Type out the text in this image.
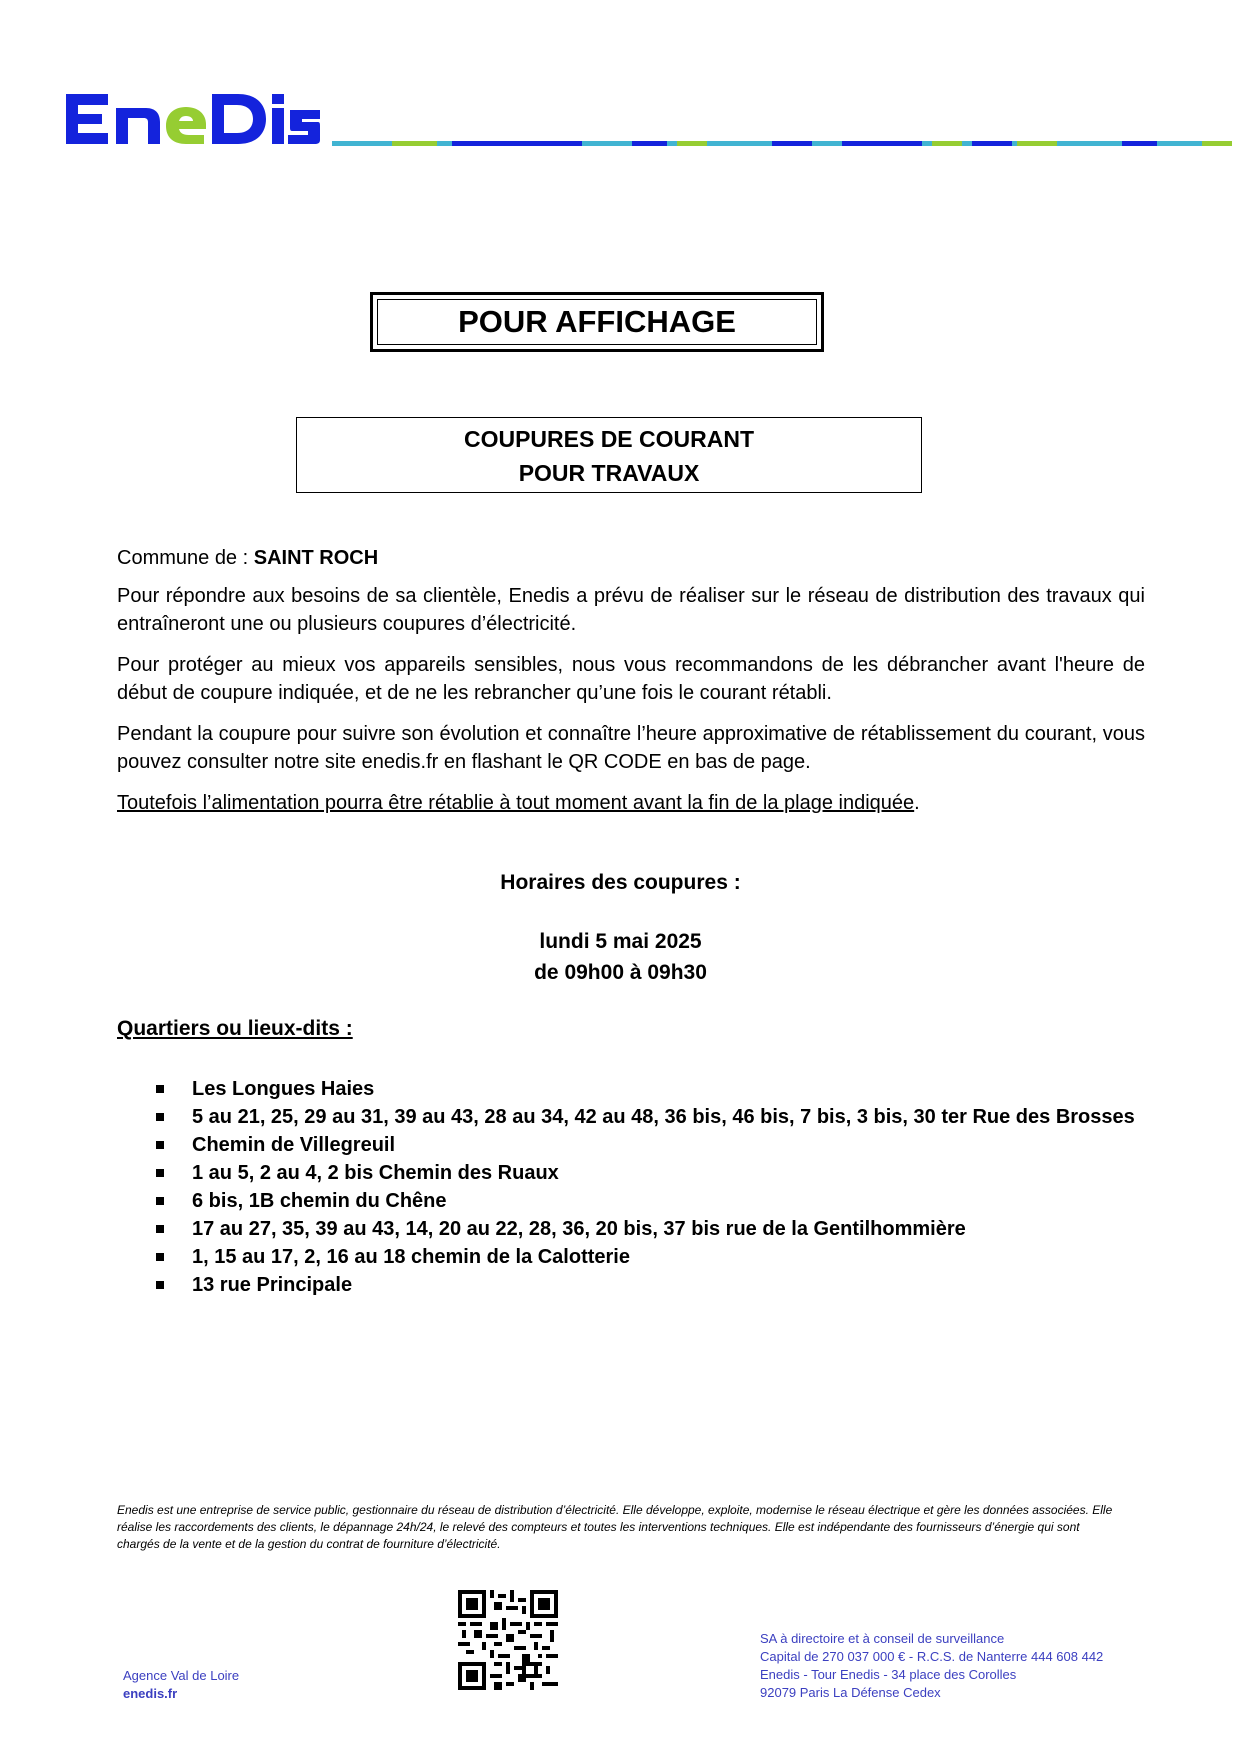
POUR AFFICHAGE
COUPURES DE COURANT
POUR TRAVAUX
Commune de : SAINT ROCH
Pour répondre aux besoins de sa clientèle, Enedis a prévu de réaliser sur le réseau de distribution des travaux qui entraîneront une ou plusieurs coupures d’électricité.
Pour protéger au mieux vos appareils sensibles, nous vous recommandons de les débrancher avant l'heure de début de coupure indiquée, et de ne les rebrancher qu’une fois le courant rétabli.
Pendant la coupure pour suivre son évolution et connaître l’heure approximative de rétablissement du courant, vous pouvez consulter notre site enedis.fr en flashant le QR CODE en bas de page.
Toutefois l’alimentation pourra être rétablie à tout moment avant la fin de la plage indiquée.
Horaires des coupures :
lundi 5 mai 2025
de 09h00 à 09h30
Quartiers ou lieux-dits :
Les Longues Haies
5 au 21, 25, 29 au 31, 39 au 43, 28 au 34, 42 au 48, 36 bis, 46 bis, 7 bis, 3 bis, 30 ter Rue des Brosses
Chemin de Villegreuil
1 au 5, 2 au 4, 2 bis Chemin des Ruaux
6 bis, 1B chemin du Chêne
17 au 27, 35, 39 au 43, 14, 20 au 22, 28, 36, 20 bis, 37 bis rue de la Gentilhommière
1, 15 au 17, 2, 16 au 18 chemin de la Calotterie
13 rue Principale
Enedis est une entreprise de service public, gestionnaire du réseau de distribution d’électricité. Elle développe, exploite, modernise le réseau électrique et gère les données associées. Elle réalise les raccordements des clients, le dépannage 24h/24, le relevé des compteurs et toutes les interventions techniques. Elle est indépendante des fournisseurs d’énergie qui sont chargés de la vente et de la gestion du contrat de fourniture d’électricité.
Agence Val de Loire
enedis.fr
SA à directoire et à conseil de surveillance
Capital de 270 037 000 € - R.C.S. de Nanterre 444 608 442
Enedis - Tour Enedis - 34 place des Corolles
92079 Paris La Défense Cedex
